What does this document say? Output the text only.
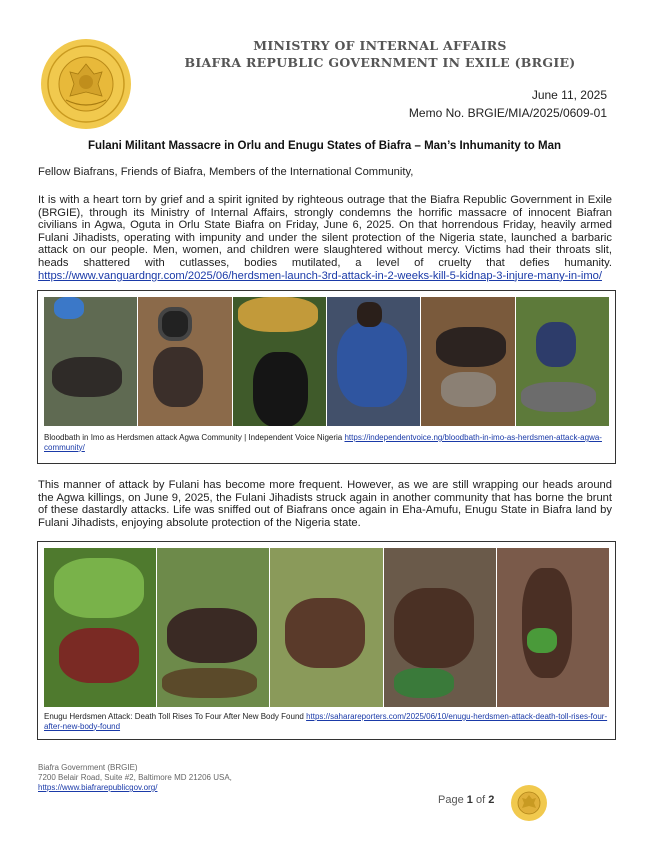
MINISTRY OF INTERNAL AFFAIRS
BIAFRA REPUBLIC GOVERNMENT IN EXILE (BRGIE)
June 11, 2025
Memo No. BRGIE/MIA/2025/0609-01
Fulani Militant Massacre in Orlu and Enugu States of Biafra – Man’s Inhumanity to Man
Fellow Biafrans, Friends of Biafra, Members of the International Community,
It is with a heart torn by grief and a spirit ignited by righteous outrage that the Biafra Republic Government in Exile (BRGIE), through its Ministry of Internal Affairs, strongly condemns the horrific massacre of innocent Biafran civilians in Agwa, Oguta in Orlu State Biafra on Friday, June 6, 2025. On that horrendous Friday, heavily armed Fulani Jihadists, operating with impunity and under the silent protection of the Nigeria state, launched a barbaric attack on our people. Men, women, and children were slaughtered without mercy. Victims had their throats slit, heads shattered with cutlasses, bodies mutilated, a level of cruelty that defies humanity. https://www.vanguardngr.com/2025/06/herdsmen-launch-3rd-attack-in-2-weeks-kill-5-kidnap-3-injure-many-in-imo/
Bloodbath in Imo as Herdsmen attack Agwa Community | Independent Voice Nigeria https://independentvoice.ng/bloodbath-in-imo-as-herdsmen-attack-agwa-community/
This manner of attack by Fulani has become more frequent. However, as we are still wrapping our heads around the Agwa killings, on June 9, 2025, the Fulani Jihadists struck again in another community that has borne the brunt of these dastardly attacks. Life was sniffed out of Biafrans once again in Eha-Amufu, Enugu State in Biafra land by Fulani Jihadists, enjoying absolute protection of the Nigeria state.
Enugu Herdsmen Attack: Death Toll Rises To Four After New Body Found https://saharareporters.com/2025/06/10/enugu-herdsmen-attack-death-toll-rises-four-after-new-body-found
Biafra Government (BRGIE)
7200 Belair Road, Suite #2, Baltimore MD 21206 USA,
https://www.biafrarepublicgov.org/
Page 1 of 2
